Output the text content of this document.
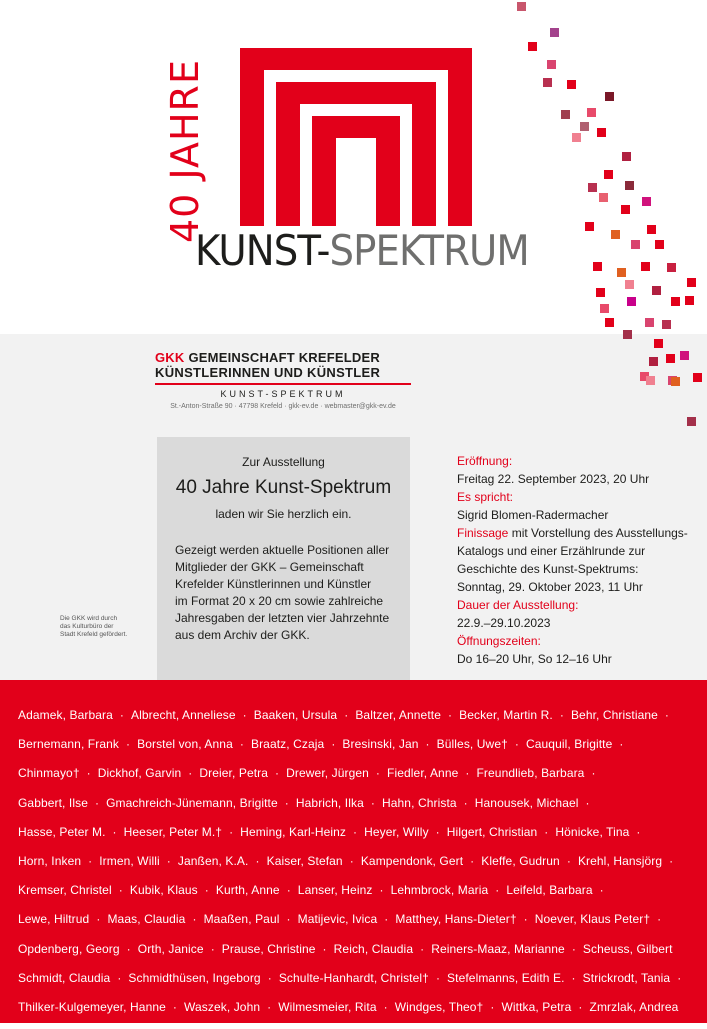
40 JAHRE
KUNST-SPEKTRUM
GKK GEMEINSCHAFT KREFELDER
KÜNSTLERINNEN UND KÜNSTLER
KUNST-SPEKTRUM
St.-Anton-Straße 90 · 47798 Krefeld · gkk-ev.de · webmaster@gkk-ev.de
Zur Ausstellung
40 Jahre Kunst-Spektrum
laden wir Sie herzlich ein.
Gezeigt werden aktuelle Positionen aller
Mitglieder der GKK – Gemeinschaft
Krefelder Künstlerinnen und Künstler
im Format 20 x 20 cm sowie zahlreiche
Jahresgaben der letzten vier Jahrzehnte
aus dem Archiv der GKK.
Die GKK wird durch
das Kulturbüro der
Stadt Krefeld gefördert.
Eröffnung:
Freitag 22. September 2023, 20 Uhr
Es spricht:
Sigrid Blomen-Radermacher
Finissage mit Vorstellung des Ausstellungs-
Katalogs und einer Erzählrunde zur
Geschichte des Kunst-Spektrums:
Sonntag, 29. Oktober 2023, 11 Uhr
Dauer der Ausstellung:
22.9.–29.10.2023
Öffnungszeiten:
Do 16–20 Uhr, So 12–16 Uhr
Adamek, Barbara · Albrecht, Anneliese · Baaken, Ursula · Baltzer, Annette · Becker, Martin R. · Behr, Christiane ·
Bernemann, Frank · Borstel von, Anna · Braatz, Czaja · Bresinski, Jan · Bülles, Uwe† · Cauquil, Brigitte ·
Chinmayo† · Dickhof, Garvin · Dreier, Petra · Drewer, Jürgen · Fiedler, Anne · Freundlieb, Barbara ·
Gabbert, Ilse · Gmachreich-Jünemann, Brigitte · Habrich, Ilka · Hahn, Christa · Hanousek, Michael ·
Hasse, Peter M. · Heeser, Peter M.† · Heming, Karl-Heinz · Heyer, Willy · Hilgert, Christian · Hönicke, Tina ·
Horn, Inken · Irmen, Willi · Janßen, K.A. · Kaiser, Stefan · Kampendonk, Gert · Kleffe, Gudrun · Krehl, Hansjörg ·
Kremser, Christel · Kubik, Klaus · Kurth, Anne · Lanser, Heinz · Lehmbrock, Maria · Leifeld, Barbara ·
Lewe, Hiltrud · Maas, Claudia · Maaßen, Paul · Matijevic, Ivica · Matthey, Hans-Dieter† · Noever, Klaus Peter† ·
Opdenberg, Georg · Orth, Janice · Prause, Christine · Reich, Claudia · Reiners-Maaz, Marianne · Scheuss, Gilbert
Schmidt, Claudia · Schmidthüsen, Ingeborg · Schulte-Hanhardt, Christel† · Stefelmanns, Edith E. · Strickrodt, Tania ·
Thilker-Kulgemeyer, Hanne · Waszek, John · Wilmesmeier, Rita · Windges, Theo† · Wittka, Petra · Zmrzlak, Andrea
